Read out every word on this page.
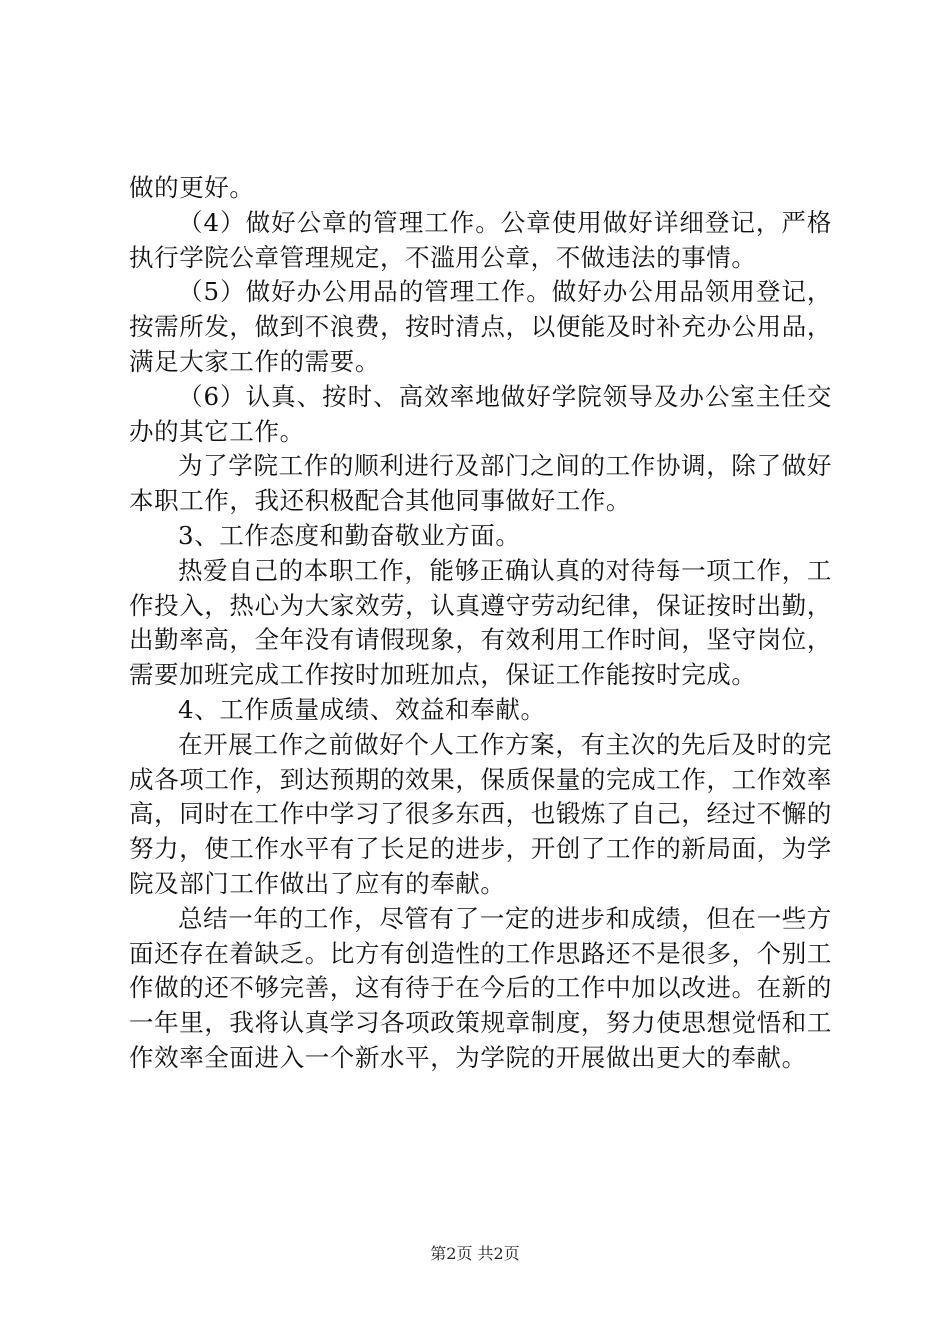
做的更好。

（4）做好公章的管理工作。公章使用做好详细登记，严格执行学院公章管理规定，不滥用公章，不做违法的事情。

（5）做好办公用品的管理工作。做好办公用品领用登记，按需所发，做到不浪费，按时清点，以便能及时补充办公用品，满足大家工作的需要。

（6）认真、按时、高效率地做好学院领导及办公室主任交办的其它工作。

为了学院工作的顺利进行及部门之间的工作协调，除了做好本职工作，我还积极配合其他同事做好工作。

3、工作态度和勤奋敬业方面。

热爱自己的本职工作，能够正确认真的对待每一项工作，工作投入，热心为大家效劳，认真遵守劳动纪律，保证按时出勤，出勤率高，全年没有请假现象，有效利用工作时间，坚守岗位，需要加班完成工作按时加班加点，保证工作能按时完成。

4、工作质量成绩、效益和奉献。

在开展工作之前做好个人工作方案，有主次的先后及时的完成各项工作，到达预期的效果，保质保量的完成工作，工作效率高，同时在工作中学习了很多东西，也锻炼了自己，经过不懈的努力，使工作水平有了长足的进步，开创了工作的新局面，为学院及部门工作做出了应有的奉献。

总结一年的工作，尽管有了一定的进步和成绩，但在一些方面还存在着缺乏。比方有创造性的工作思路还不是很多，个别工作做的还不够完善，这有待于在今后的工作中加以改进。在新的一年里，我将认真学习各项政策规章制度，努力使思想觉悟和工作效率全面进入一个新水平，为学院的开展做出更大的奉献。

第2页 共2页
